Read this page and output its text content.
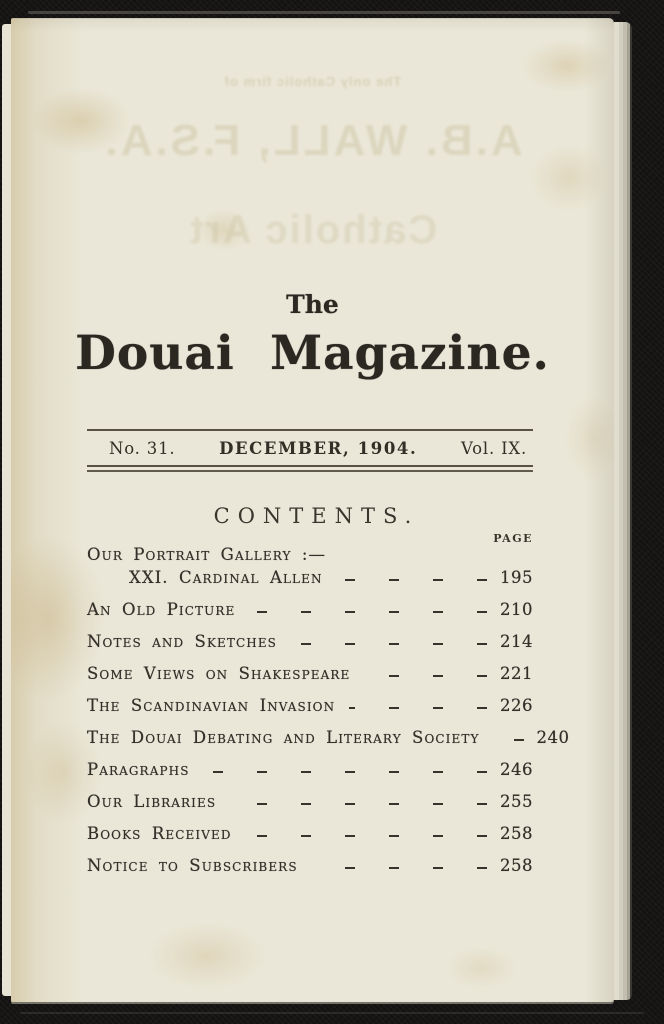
The only Catholic firm of
A.B. WALL, F.S.A.
Catholic Art
The
Douai Magazine.
No. 31.	DECEMBER, 1904.	Vol. IX.
CONTENTS.
PAGE
Our Portrait Gallery :—
XXI. Cardinal Allen	195
An Old Picture	210
Notes and Sketches	214
Some Views on Shakespeare	221
The Scandinavian Invasion	226
The Douai Debating and Literary Society	240
Paragraphs	246
Our Libraries	255
Books Received	258
Notice to Subscribers	258
